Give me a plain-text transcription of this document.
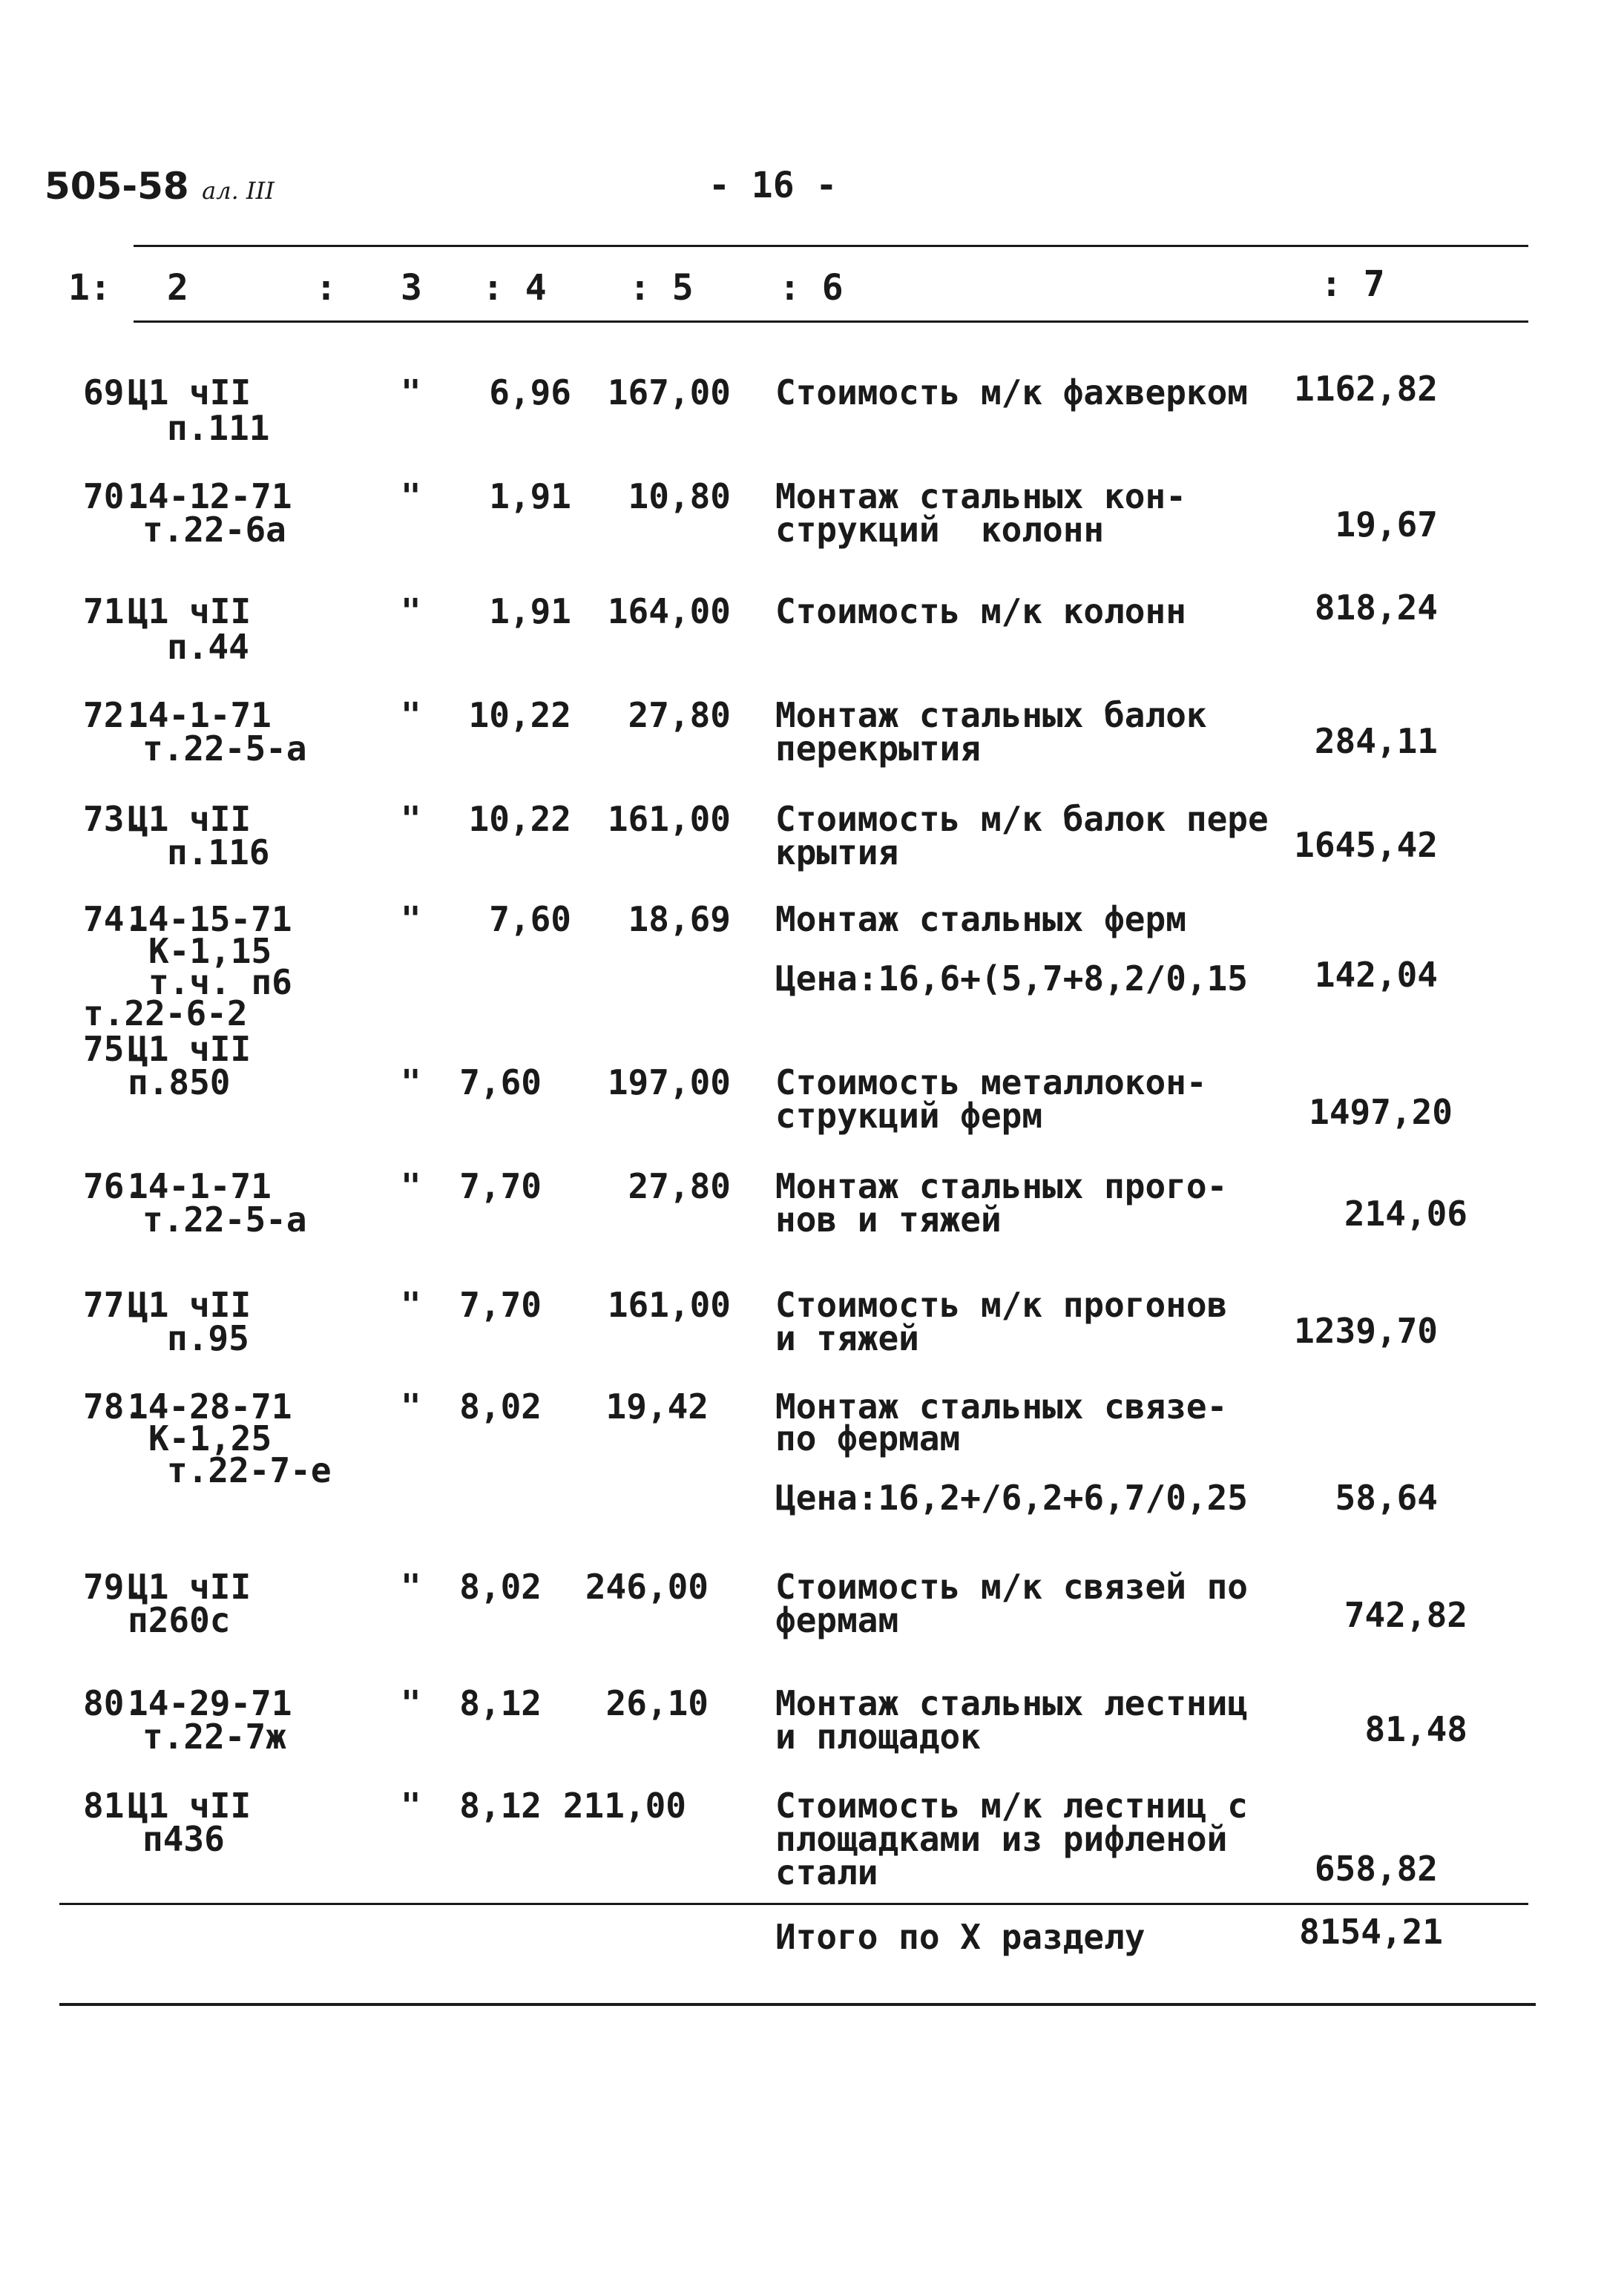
505-58 ал. III	- 16 -
1: 2	: 3 : 4 : 5 : 6	: 7
69.
Ц1 чII
п.111
"	6,96	167,00 Стоимость м/к фахверком	1162,82
70.
14-12-71
т.22-6а
"	1,91	10,80 Монтаж стальных кон-
струкций  колонн	19,67
71.
Ц1 чII
п.44
"	1,91	164,00 Стоимость м/к колонн	818,24
72.
14-1-71
т.22-5-а
"	10,22	27,80 Монтаж стальных балок
перекрытия	284,11
73.
Ц1 чII
п.116
"	10,22	161,00 Стоимость м/к балок пере
крытия	1645,42
74.
14-15-71
К-1,15
т.ч. п6
т.22-6-2
"	7,60	18,69 Монтаж стальных ферм
Цена:16,6+(5,7+8,2/0,15	142,04
75.
Ц1 чII
п.850	"	7,60	197,00 Стоимость металлокон-
струкций ферм	1497,20
76.
14-1-71
т.22-5-а
"	7,70	27,80 Монтаж стальных прого-
нов и тяжей	214,06
77.
Ц1 чII
п.95
"	7,70	161,00 Стоимость м/к прогонов
и тяжей	1239,70
78.
14-28-71
К-1,25
т.22-7-е
"	8,02	19,42 Монтаж стальных связе-
по фермам
Цена:16,2+/6,2+6,7/0,25	58,64
79.
Ц1 чII
п260с
"	8,02	246,00 Стоимость м/к связей по
фермам	742,82
80.
14-29-71
т.22-7ж
"	8,12	26,10 Монтаж стальных лестниц
и площадок	81,48
81.
Ц1 чII
п436
"	8,12 211,00	Стоимость м/к лестниц с
площадками из рифленой
стали	658,82
Итого по X разделу	8154,21
